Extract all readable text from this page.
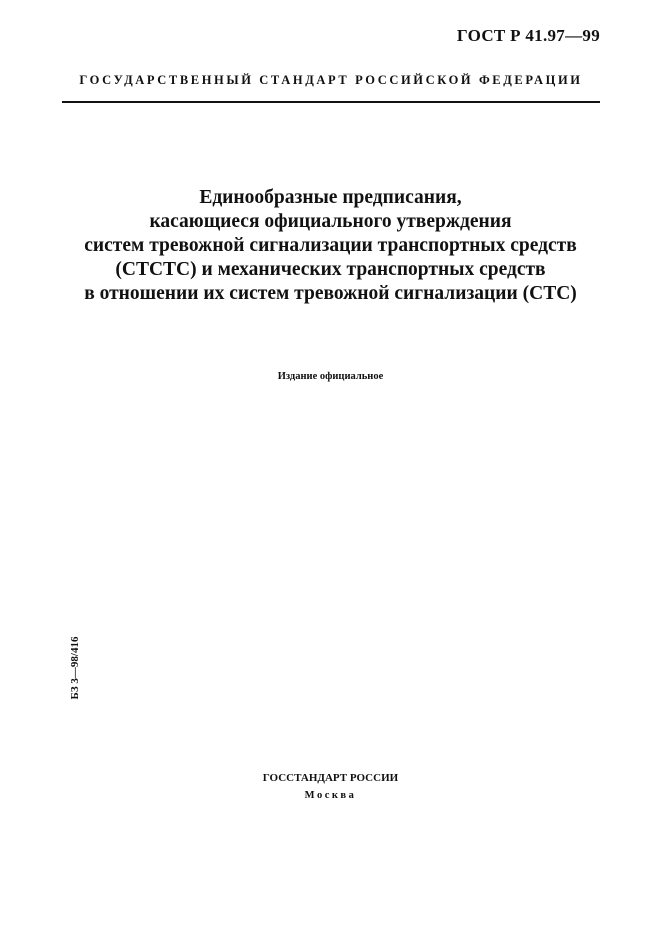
ГОСТ Р 41.97—99
ГОСУДАРСТВЕННЫЙ СТАНДАРТ РОССИЙСКОЙ ФЕДЕРАЦИИ
Единообразные предписания,
касающиеся официального утверждения
систем тревожной сигнализации транспортных средств
(СТСТС) и механических транспортных средств
в отношении их систем тревожной сигнализации (СТС)
Издание официальное
БЗ 3—98/416
ГОССТАНДАРТ РОССИИ
Москва
